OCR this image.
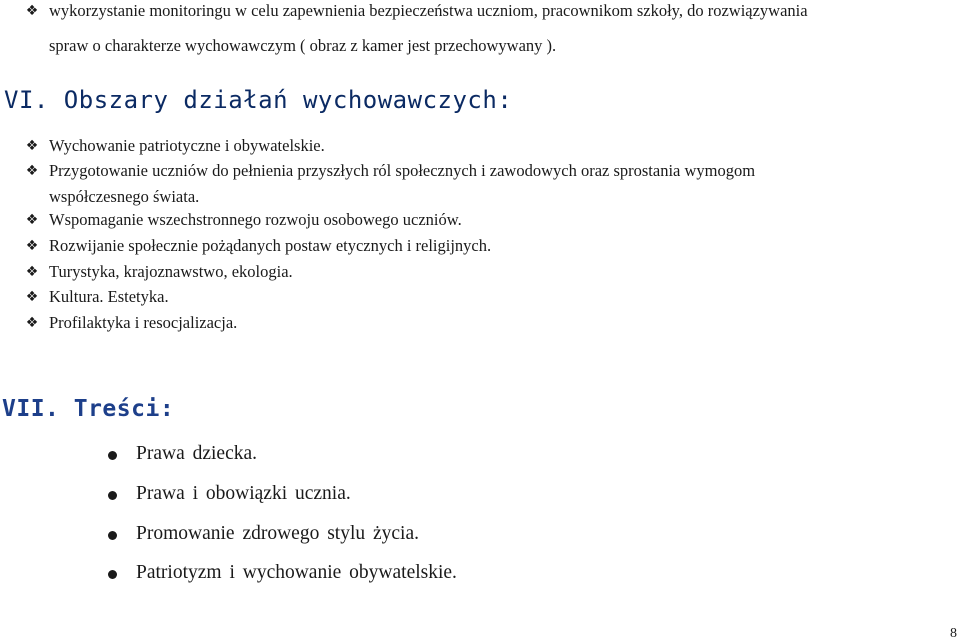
❖ wykorzystanie monitoringu w celu zapewnienia bezpieczeństwa uczniom, pracownikom szkoły, do rozwiązywania
spraw o charakterze wychowawczym ( obraz z kamer jest przechowywany ).
VI. Obszary działań wychowawczych:
❖ Wychowanie patriotyczne i obywatelskie.
❖ Przygotowanie uczniów do pełnienia przyszłych ról społecznych i zawodowych oraz sprostania wymogom
współczesnego świata.
❖ Wspomaganie wszechstronnego rozwoju osobowego uczniów.
❖ Rozwijanie społecznie pożądanych postaw etycznych i religijnych.
❖ Turystyka, krajoznawstwo, ekologia.
❖ Kultura. Estetyka.
❖ Profilaktyka i resocjalizacja.
VII. Treści:
Prawa dziecka.
Prawa i obowiązki ucznia.
Promowanie zdrowego stylu życia.
Patriotyzm i wychowanie obywatelskie.
8
